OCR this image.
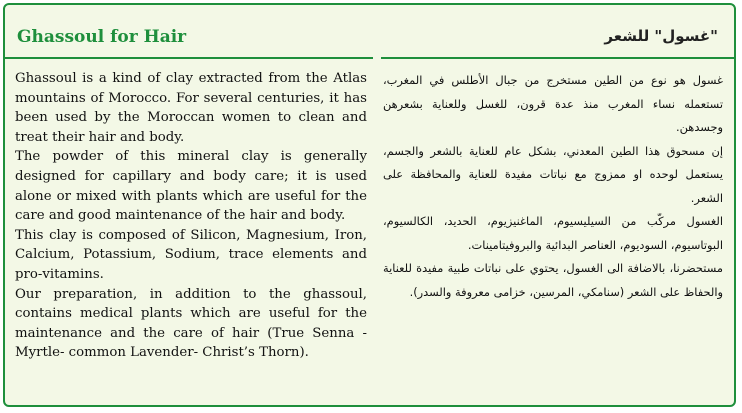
Ghassoul for Hair	"غسول" للشعر

Ghassoul is a kind of clay extracted from the Atlas mountains of Morocco. For several centuries, it has been used by the Moroccan women to clean and treat their hair and body.

The powder of this mineral clay is generally designed for capillary and body care; it is used alone or mixed with plants which are useful for the care and good maintenance of the hair and body.

This clay is composed of Silicon, Magnesium, Iron, Calcium, Potassium, Sodium, trace elements and pro-vitamins.

Our preparation, in addition to the ghassoul, contains medical plants which are useful for the maintenance and the care of hair (True Senna - Myrtle- common Lavender- Christ’s Thorn).

غسول هو نوع من الطين مستخرج من جبال الأطلس في المغرب، تستعمله نساء المغرب منذ عدة قرون، للغسل وللعناية بشعرهن وجسدهن.

إن مسحوق هذا الطين المعدني، بشكل عام للعناية بالشعر والجسم، يستعمل لوحده او ممزوج مع نباتات مفيدة للعناية والمحافظة على الشعر.

الغسول مركّب من السيليسيوم، الماغنيزيوم، الحديد، الكالسيوم، البوتاسيوم، السوديوم، العناصر البدائية والبروفيتامينات.

مستحضرنا، بالاضافة الى الغسول، يحتوي على نباتات طبية مفيدة للعناية والحفاظ على الشعر (سنامكي، المرسين، خزامى معروفة والسدر).
